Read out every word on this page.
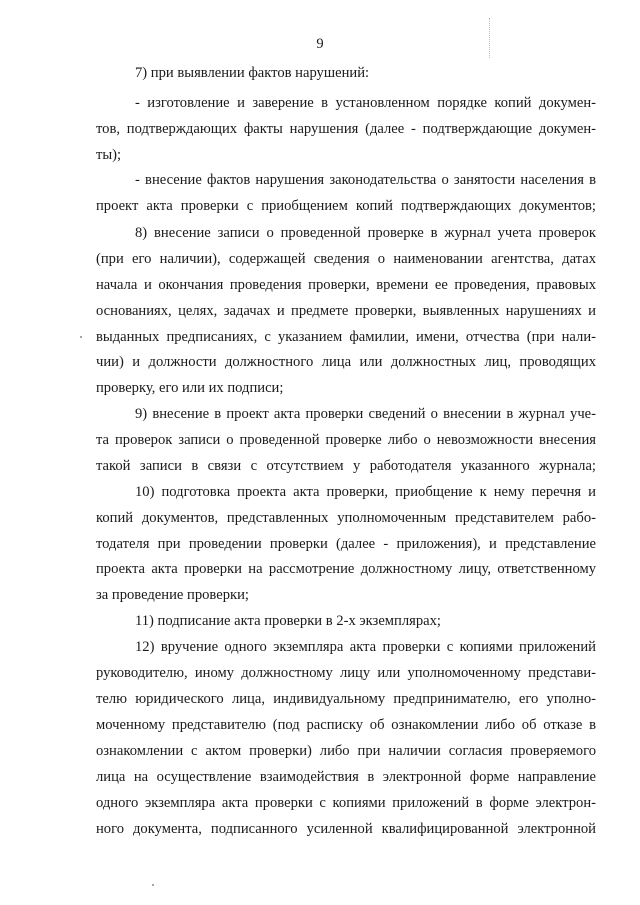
9
7) при выявлении фактов нарушений:
- изготовление и заверение в установленном порядке копий докумен-
тов, подтверждающих факты нарушения (далее - подтверждающие докумен-
ты);
- внесение фактов нарушения законодательства о занятости населения в
проект акта проверки с приобщением копий подтверждающих документов;
8) внесение записи о проведенной проверке в журнал учета проверок
(при его наличии), содержащей сведения о наименовании агентства, датах
начала и окончания проведения проверки, времени ее проведения, правовых
основаниях, целях, задачах и предмете проверки, выявленных нарушениях и
выданных предписаниях, с указанием фамилии, имени, отчества (при нали-
чии) и должности должностного лица или должностных лиц, проводящих
проверку, его или их подписи;
9) внесение в проект акта проверки сведений о внесении в журнал уче-
та проверок записи о проведенной проверке либо о невозможности внесения
такой записи в связи с отсутствием у работодателя указанного журнала;
10) подготовка проекта акта проверки, приобщение к нему перечня и
копий документов, представленных уполномоченным представителем рабо-
тодателя при проведении проверки (далее - приложения), и представление
проекта акта проверки на рассмотрение должностному лицу, ответственному
за проведение проверки;
11) подписание акта проверки в 2-х экземплярах;
12) вручение одного экземпляра акта проверки с копиями приложений
руководителю, иному должностному лицу или уполномоченному представи-
телю юридического лица, индивидуальному предпринимателю, его уполно-
моченному представителю (под расписку об ознакомлении либо об отказе в
ознакомлении с актом проверки) либо при наличии согласия проверяемого
лица на осуществление взаимодействия в электронной форме направление
одного экземпляра акта проверки с копиями приложений в форме электрон-
ного документа, подписанного усиленной квалифицированной электронной
